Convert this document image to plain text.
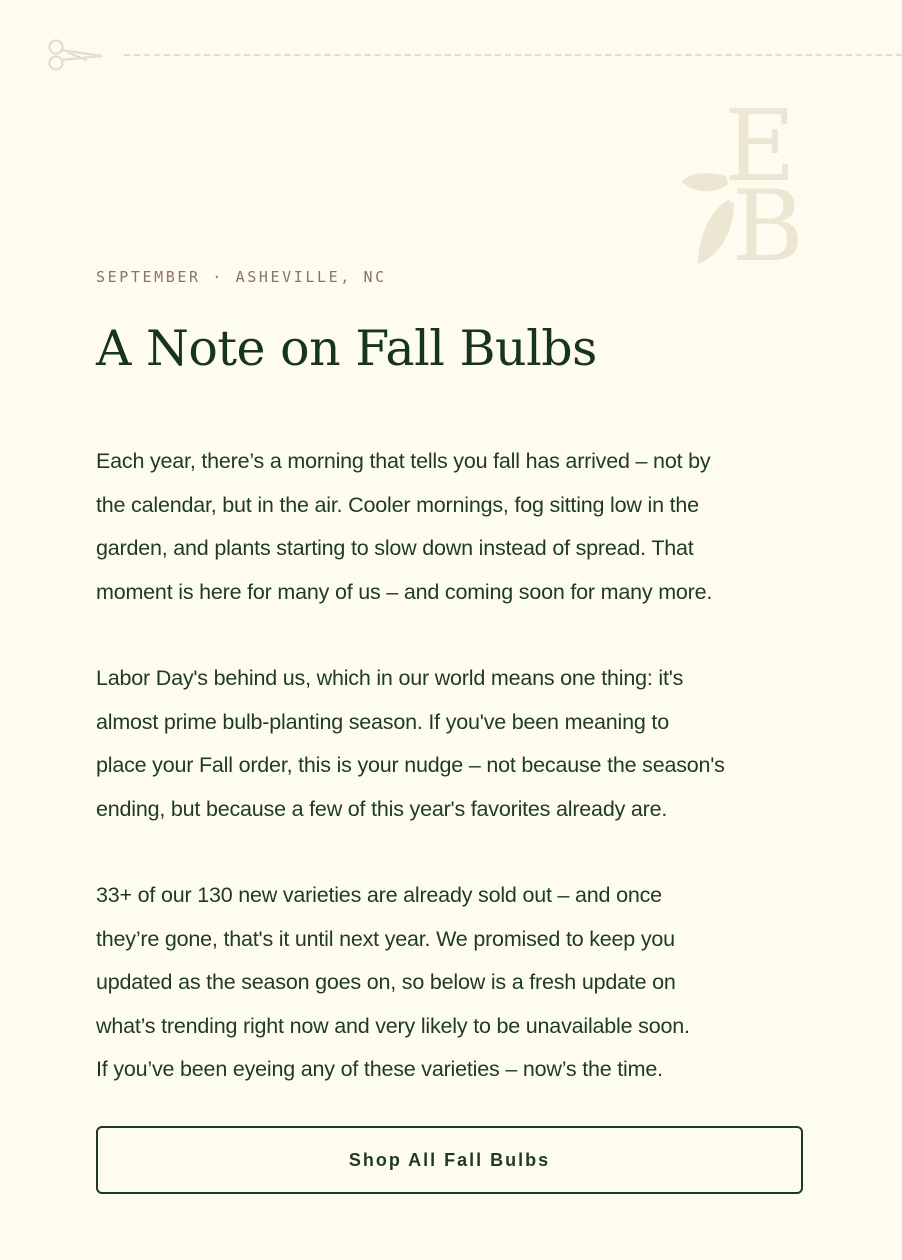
E
B
SEPTEMBER · ASHEVILLE, NC
A Note on Fall Bulbs

Each year, there’s a morning that tells you fall has arrived – not by
the calendar, but in the air. Cooler mornings, fog sitting low in the
garden, and plants starting to slow down instead of spread. That
moment is here for many of us – and coming soon for many more.

Labor Day's behind us, which in our world means one thing: it's
almost prime bulb-planting season. If you've been meaning to
place your Fall order, this is your nudge – not because the season's
ending, but because a few of this year's favorites already are.

33+ of our 130 new varieties are already sold out – and once
they’re gone, that's it until next year. We promised to keep you
updated as the season goes on, so below is a fresh update on
what’s trending right now and very likely to be unavailable soon.
If you’ve been eyeing any of these varieties – now’s the time.

Shop All Fall Bulbs
